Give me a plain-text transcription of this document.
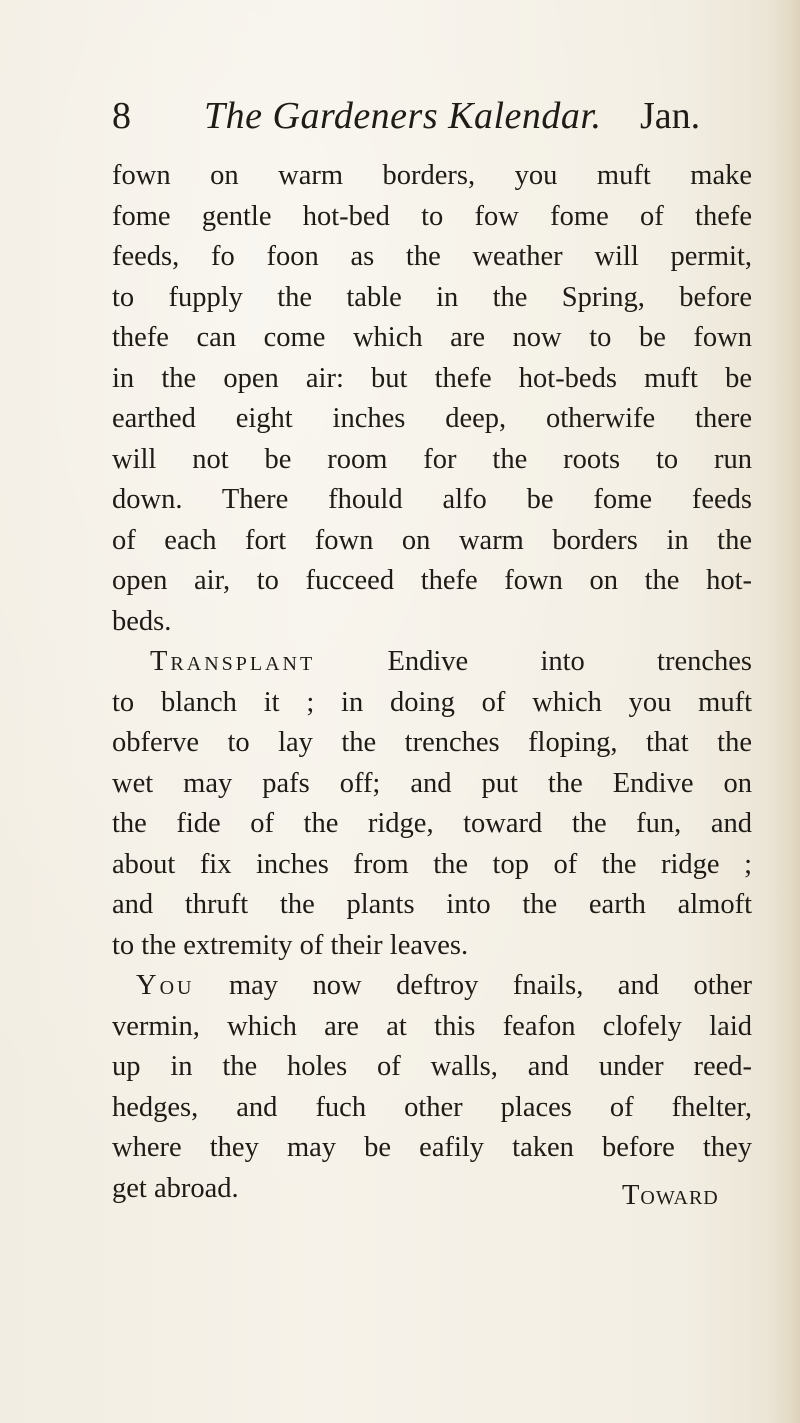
8 The Gardeners Kalendar. Jan.
fown on warm borders, you muft make
fome gentle hot-bed to fow fome of thefe
feeds, fo foon as the weather will permit,
to fupply the table in the Spring, before
thefe can come which are now to be fown
in the open air: but thefe hot-beds muft be
earthed eight inches deep, otherwife there
will not be room for the roots to run
down. There fhould alfo be fome feeds
of each fort fown on warm borders in the
open air, to fucceed thefe fown on the hot-
beds.
Transplant	Endive into trenches
to blanch it ; in doing of which you muft
obferve to lay the trenches floping, that the
wet may pafs off; and put the Endive on
the fide of the ridge, toward the fun, and
about fix inches from the top of the ridge ;
and thruft the plants into the earth almoft
to the extremity of their leaves.
You may now deftroy fnails, and other
vermin, which are at this feafon clofely laid
up in the holes of walls, and under reed-
hedges, and fuch other places of fhelter,
where they may be eafily taken before they
get abroad.	Toward
